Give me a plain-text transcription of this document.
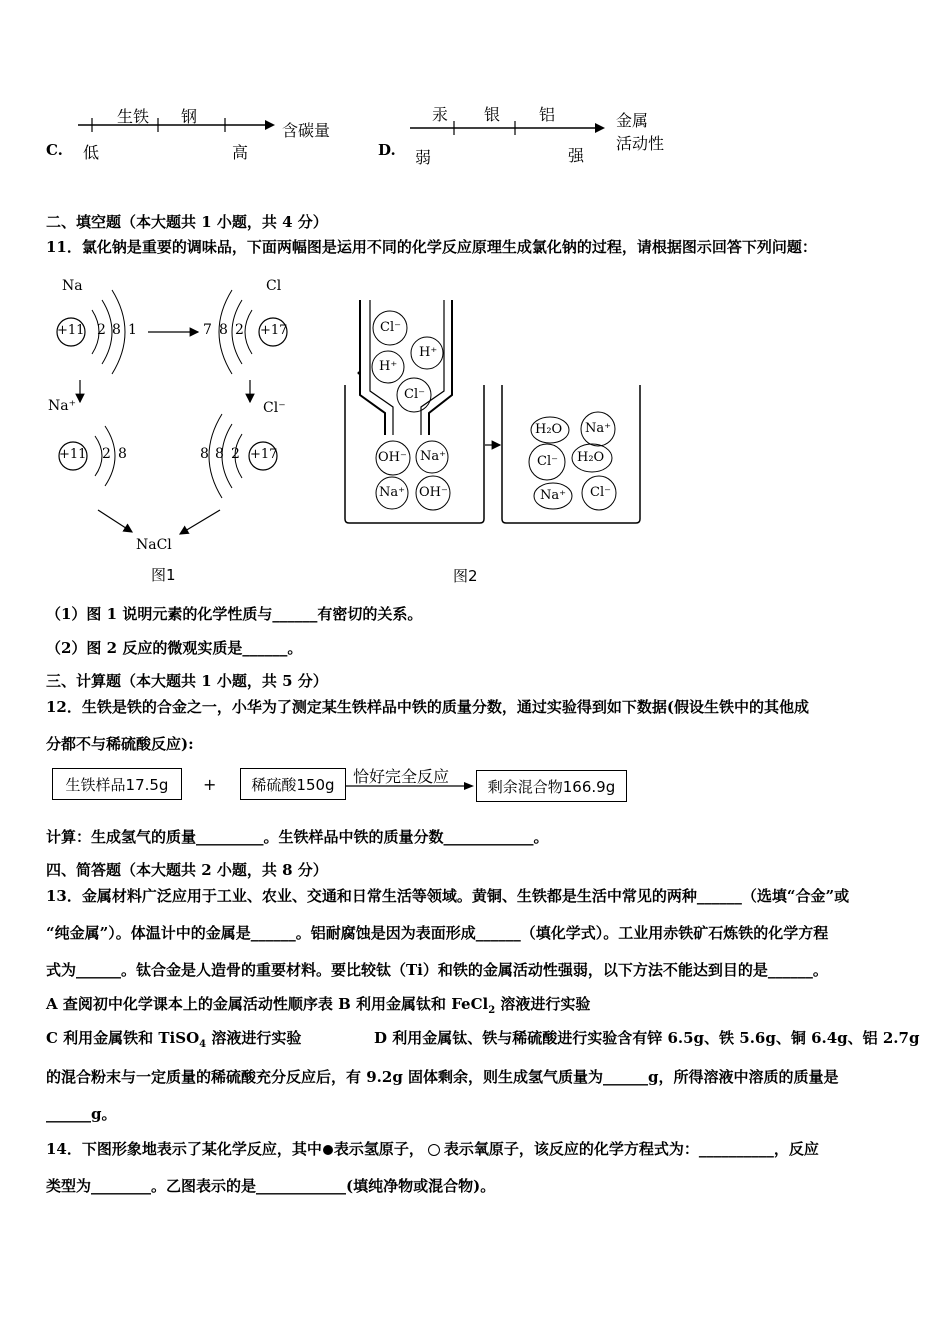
C.
生铁 钢
低	高
含碳量
D.
汞 银 铝
弱	强
金属
活动性
二、填空题（本大题共 1 小题，共 4 分）
11．氯化钠是重要的调味品，下面两幅图是运用不同的化学反应原理生成氯化钠的过程，请根据图示回答下列问题：
Na	Cl
+11	+17
2 8 1	7 8 2
Na⁺	Cl⁻
+11	+17
2 8	8 8 2
NaCl
图1
Cl⁻
H⁺
H⁺
Cl⁻
OH⁻ Na⁺
Na⁺ OH⁻
H₂O Na⁺
Cl⁻ H₂O
Na⁺ Cl⁻
图2
（1）图 1 说明元素的化学性质与______有密切的关系。
（2）图 2 反应的微观实质是______。
三、计算题（本大题共 1 小题，共 5 分）
12．生铁是铁的合金之一，小华为了测定某生铁样品中铁的质量分数，通过实验得到如下数据(假设生铁中的其他成
分都不与稀硫酸反应):
生铁样品17.5g	+	稀硫酸150g	恰好完全反应
剩余混合物166.9g
计算：生成氢气的质量_________。生铁样品中铁的质量分数____________。
四、简答题（本大题共 2 小题，共 8 分）
13．金属材料广泛应用于工业、农业、交通和日常生活等领域。黄铜、生铁都是生活中常见的两种______（选填“合金”或
“纯金属”）。体温计中的金属是______。铝耐腐蚀是因为表面形成______（填化学式）。工业用赤铁矿石炼铁的化学方程
式为______。钛合金是人造骨的重要材料。要比较钛（Ti）和铁的金属活动性强弱，以下方法不能达到目的是______。
A 查阅初中化学课本上的金属活动性顺序表 B 利用金属钛和 FeCl$_2$ 溶液进行实验
C 利用金属铁和 TiSO$_4$ 溶液进行实验	D 利用金属钛、铁与稀硫酸进行实验含有锌 6.5g、铁 5.6g、铜 6.4g、铝 2.7g
的混合粉末与一定质量的稀硫酸充分反应后，有 9.2g 固体剩余，则生成氢气质量为______g，所得溶液中溶质的质量是
______g。
14．下图形象地表示了某化学反应，其中 表示氢原子， 表示氧原子，该反应的化学方程式为：__________，反应
类型为________。乙图表示的是____________(填纯净物或混合物)。
